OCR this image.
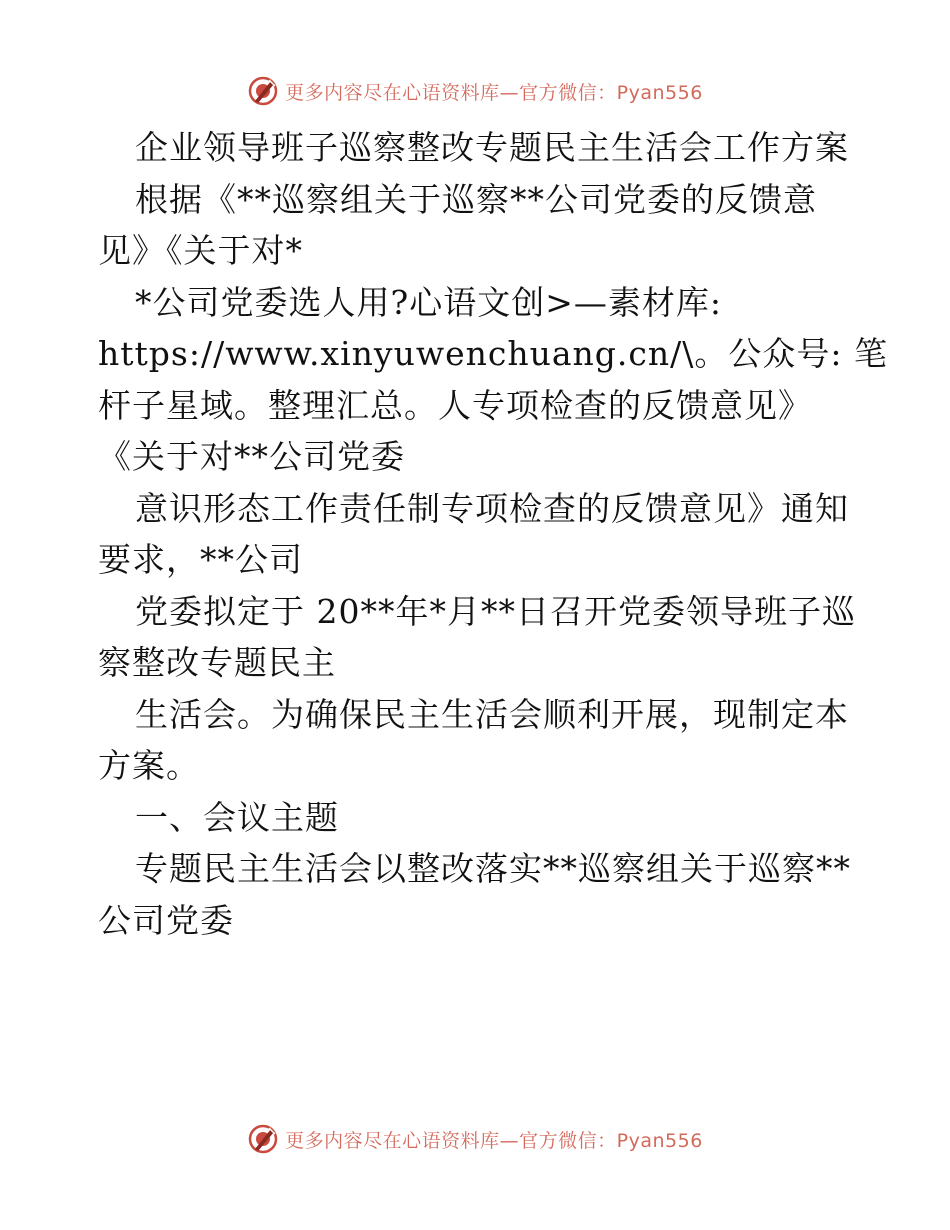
更多内容尽在心语资料库—官方微信：Pyan556
企业领导班子巡察整改专题民主生活会工作方案
根据《**巡察组关于巡察**公司党委的反馈意
见》《关于对*
*公司党委选人用?心语文创>—素材库:
https://www.xinyuwenchuang.cn/\。公众号: 笔
杆子星域。整理汇总。人专项检查的反馈意见》
《关于对**公司党委
意识形态工作责任制专项检查的反馈意见》通知
要求，**公司
党委拟定于 20**年*月**日召开党委领导班子巡
察整改专题民主
生活会。为确保民主生活会顺利开展，现制定本
方案。
一、会议主题
专题民主生活会以整改落实**巡察组关于巡察**
公司党委
更多内容尽在心语资料库—官方微信：Pyan556
